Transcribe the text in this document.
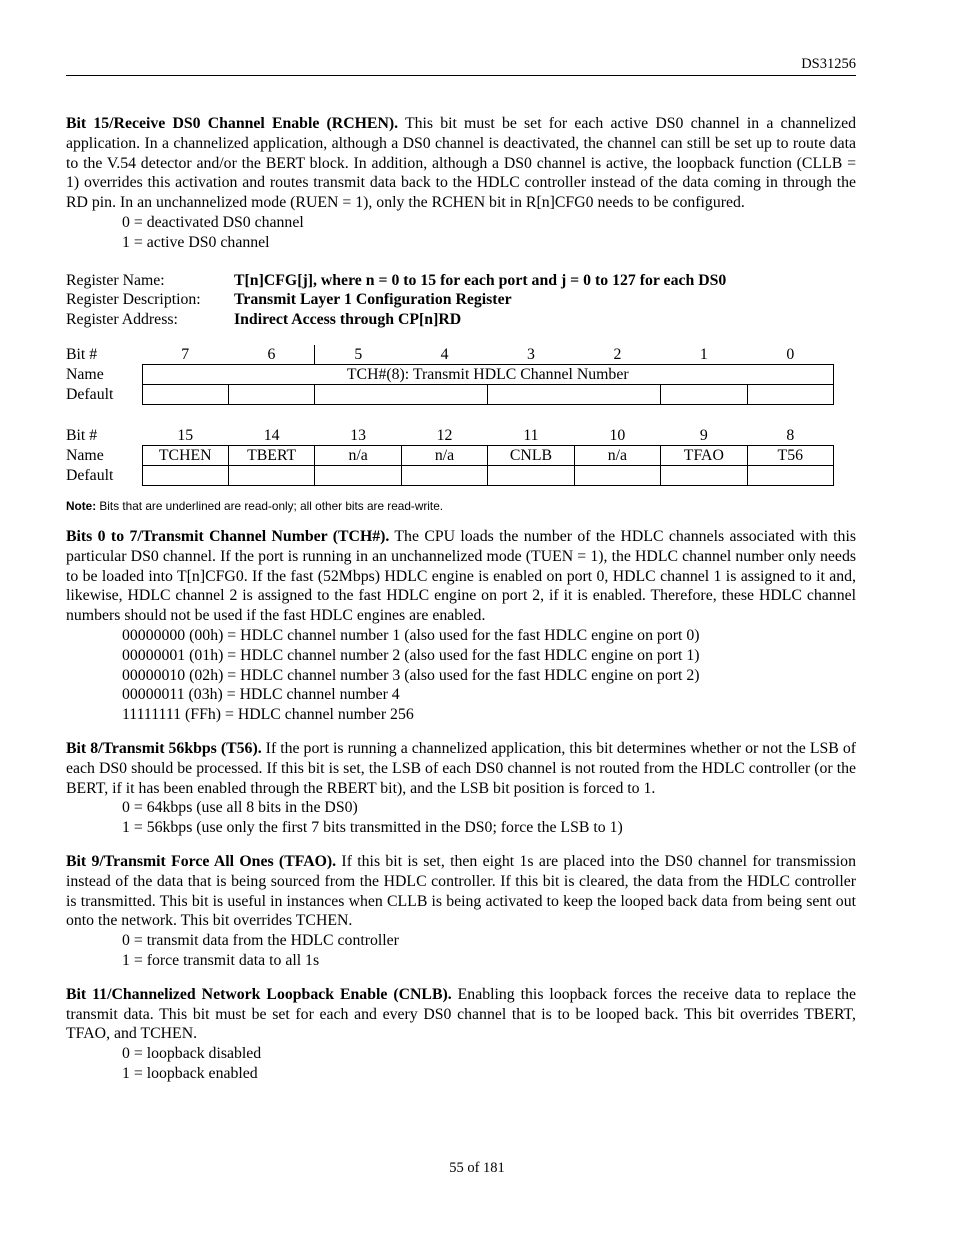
DS31256

Bit 15/Receive DS0 Channel Enable (RCHEN). This bit must be set for each active DS0 channel in a channelized application. In a channelized application, although a DS0 channel is deactivated, the channel can still be set up to route data to the V.54 detector and/or the BERT block. In addition, although a DS0 channel is active, the loopback function (CLLB = 1) overrides this activation and routes transmit data back to the HDLC controller instead of the data coming in through the RD pin. In an unchannelized mode (RUEN = 1), only the RCHEN bit in R[n]CFG0 needs to be configured.

0 = deactivated DS0 channel
1 = active DS0 channel
Register Name:	T[n]CFG[j], where n = 0 to 15 for each port and j = 0 to 127 for each DS0
Register Description:	Transmit Layer 1 Configuration Register
Register Address:	Indirect Access through CP[n]RD
Bit #	7	6	5	4	3	2	1	0
Name	TCH#(8): Transmit HDLC Channel Number							
Default								
Bit #	15	14	13	12	11	10	9	8
Name	TCHEN	TBERT	n/a	n/a	CNLB	n/a	TFAO	T56
Default								
Note: Bits that are underlined are read-only; all other bits are read-write.

Bits 0 to 7/Transmit Channel Number (TCH#). The CPU loads the number of the HDLC channels associated with this particular DS0 channel. If the port is running in an unchannelized mode (TUEN = 1), the HDLC channel number only needs to be loaded into T[n]CFG0. If the fast (52Mbps) HDLC engine is enabled on port 0, HDLC channel 1 is assigned to it and, likewise, HDLC channel 2 is assigned to the fast HDLC engine on port 2, if it is enabled. Therefore, these HDLC channel numbers should not be used if the fast HDLC engines are enabled.

00000000 (00h) = HDLC channel number 1 (also used for the fast HDLC engine on port 0)
00000001 (01h) = HDLC channel number 2 (also used for the fast HDLC engine on port 1)
00000010 (02h) = HDLC channel number 3 (also used for the fast HDLC engine on port 2)
00000011 (03h) = HDLC channel number 4
11111111 (FFh) = HDLC channel number 256

Bit 8/Transmit 56kbps (T56). If the port is running a channelized application, this bit determines whether or not the LSB of each DS0 should be processed. If this bit is set, the LSB of each DS0 channel is not routed from the HDLC controller (or the BERT, if it has been enabled through the RBERT bit), and the LSB bit position is forced to 1.

0 = 64kbps (use all 8 bits in the DS0)
1 = 56kbps (use only the first 7 bits transmitted in the DS0; force the LSB to 1)

Bit 9/Transmit Force All Ones (TFAO). If this bit is set, then eight 1s are placed into the DS0 channel for transmission instead of the data that is being sourced from the HDLC controller. If this bit is cleared, the data from the HDLC controller is transmitted. This bit is useful in instances when CLLB is being activated to keep the looped back data from being sent out onto the network. This bit overrides TCHEN.

0 = transmit data from the HDLC controller
1 = force transmit data to all 1s

Bit 11/Channelized Network Loopback Enable (CNLB). Enabling this loopback forces the receive data to replace the transmit data. This bit must be set for each and every DS0 channel that is to be looped back. This bit overrides TBERT, TFAO, and TCHEN.

0 = loopback disabled
1 = loopback enabled
55 of 181
